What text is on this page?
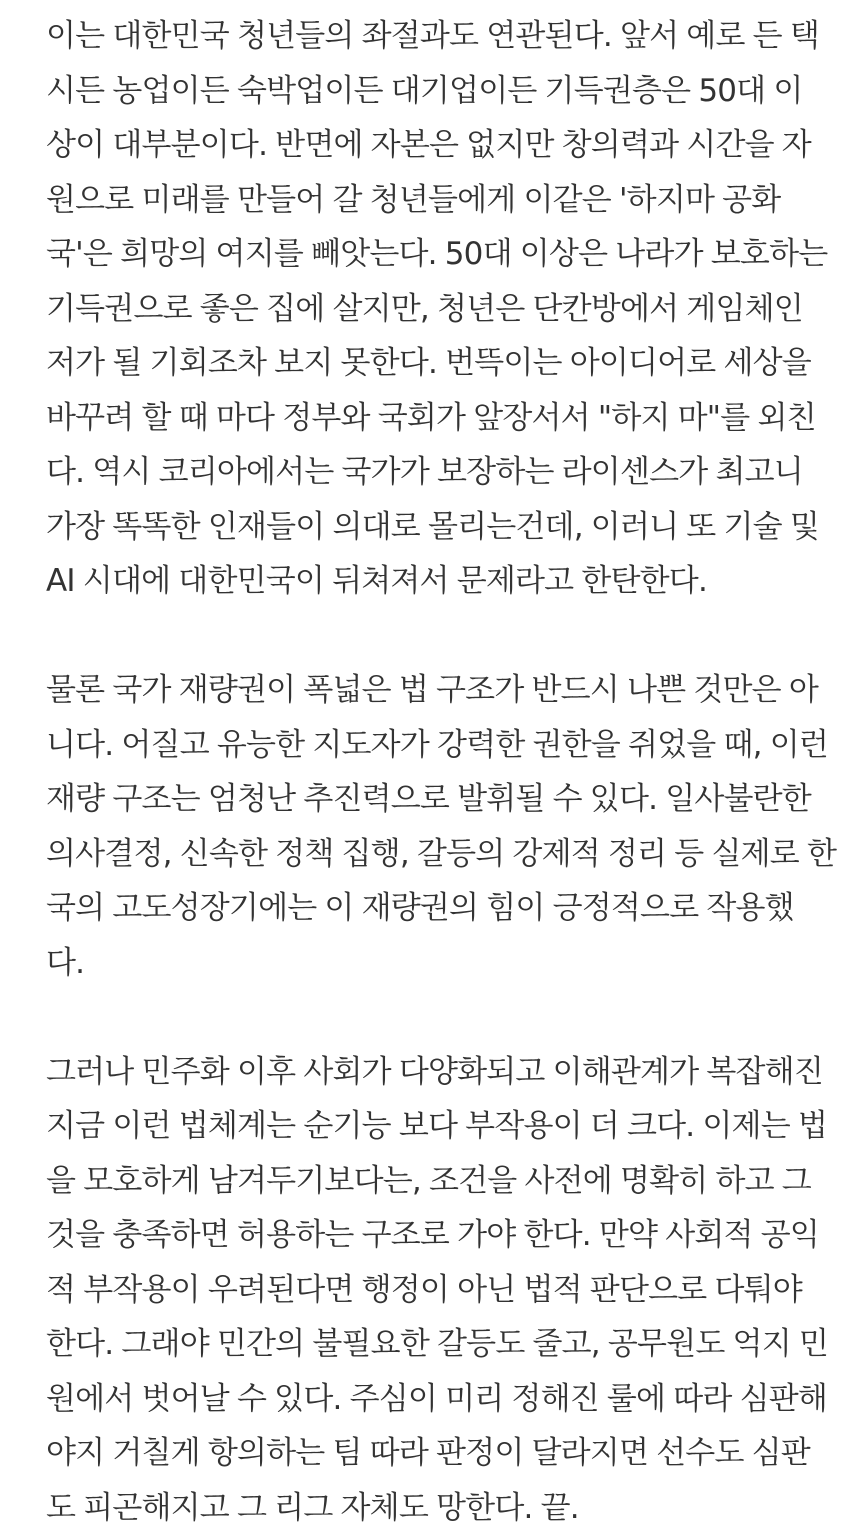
이는 대한민국 청년들의 좌절과도 연관된다. 앞서 예로 든 택
시든 농업이든 숙박업이든 대기업이든 기득권층은 50대 이
상이 대부분이다. 반면에 자본은 없지만 창의력과 시간을 자
원으로 미래를 만들어 갈 청년들에게 이같은 '하지마 공화
국'은 희망의 여지를 빼앗는다. 50대 이상은 나라가 보호하는
기득권으로 좋은 집에 살지만, 청년은 단칸방에서 게임체인
저가 될 기회조차 보지 못한다. 번뜩이는 아이디어로 세상을
바꾸려 할 때 마다 정부와 국회가 앞장서서 "하지 마"를 외친
다. 역시 코리아에서는 국가가 보장하는 라이센스가 최고니
가장 똑똑한 인재들이 의대로 몰리는건데, 이러니 또 기술 및
AI 시대에 대한민국이 뒤쳐져서 문제라고 한탄한다.

물론 국가 재량권이 폭넓은 법 구조가 반드시 나쁜 것만은 아
니다. 어질고 유능한 지도자가 강력한 권한을 쥐었을 때, 이런
재량 구조는 엄청난 추진력으로 발휘될 수 있다. 일사불란한
의사결정, 신속한 정책 집행, 갈등의 강제적 정리 등 실제로 한
국의 고도성장기에는 이 재량권의 힘이 긍정적으로 작용했
다.

그러나 민주화 이후 사회가 다양화되고 이해관계가 복잡해진
지금 이런 법체계는 순기능 보다 부작용이 더 크다. 이제는 법
을 모호하게 남겨두기보다는, 조건을 사전에 명확히 하고 그
것을 충족하면 허용하는 구조로 가야 한다. 만약 사회적 공익
적 부작용이 우려된다면 행정이 아닌 법적 판단으로 다퉈야
한다. 그래야 민간의 불필요한 갈등도 줄고, 공무원도 억지 민
원에서 벗어날 수 있다. 주심이 미리 정해진 룰에 따라 심판해
야지 거칠게 항의하는 팀 따라 판정이 달라지면 선수도 심판
도 피곤해지고 그 리그 자체도 망한다. 끝.
